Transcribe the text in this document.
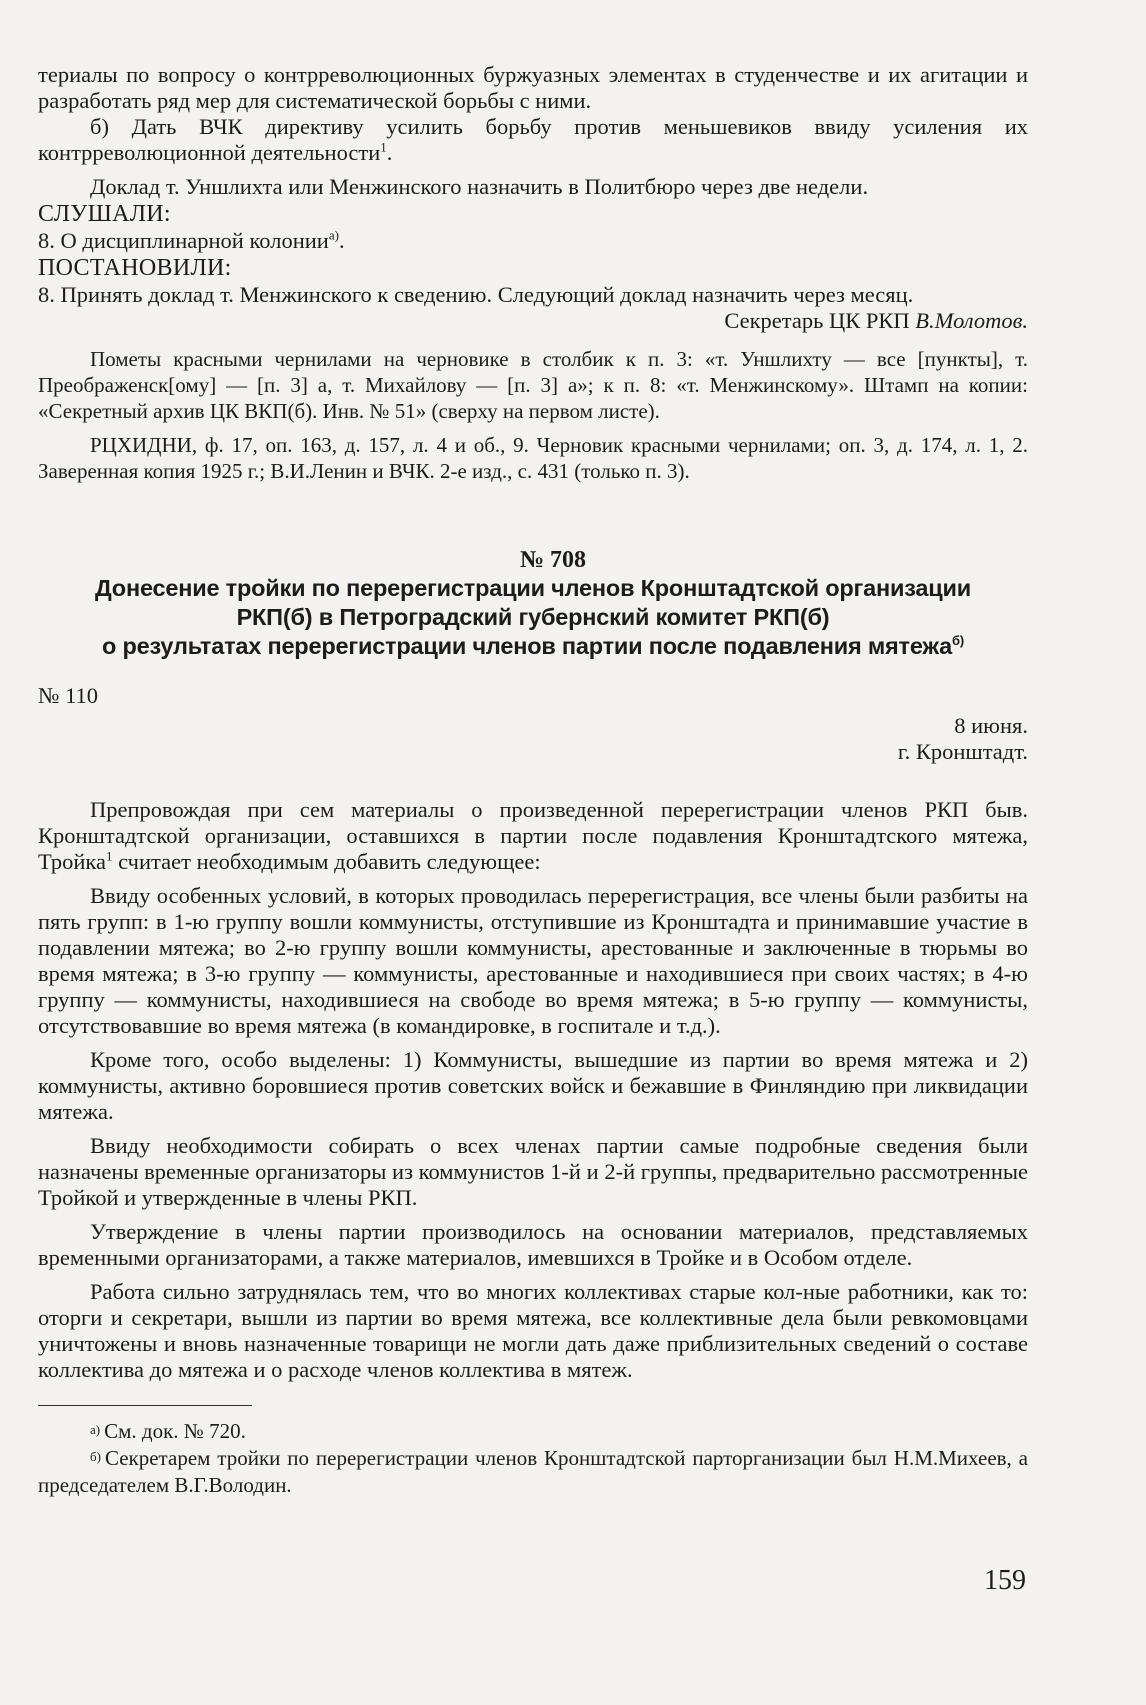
териалы по вопросу о контрреволюционных буржуазных элементах в студенчестве и их агитации и разработать ряд мер для систематической борьбы с ними.

б) Дать ВЧК директиву усилить борьбу против меньшевиков ввиду усиления их контрреволюционной деятельности$^1$.

Доклад т. Уншлихта или Менжинского назначить в Политбюро через две недели.

СЛУШАЛИ:

8. О дисциплинарной колонии$^{а)}$.

ПОСТАНОВИЛИ:

8. Принять доклад т. Менжинского к сведению. Следующий доклад назначить через месяц.

Секретарь ЦК РКП В.Молотов.

Пометы красными чернилами на черновике в столбик к п. 3: «т. Уншлихту — все [пункты], т. Преображенск[ому] — [п. 3] а, т. Михайлову — [п. 3] а»; к п. 8: «т. Менжинскому». Штамп на копии: «Секретный архив ЦК ВКП(б). Инв. № 51» (сверху на первом листе).

РЦХИДНИ, ф. 17, оп. 163, д. 157, л. 4 и об., 9. Черновик красными чернилами; оп. 3, д. 174, л. 1, 2. Заверенная копия 1925 г.; В.И.Ленин и ВЧК. 2-е изд., с. 431 (только п. 3).

№ 708
Донесение тройки по перерегистрации членов Кронштадтской организации
РКП(б) в Петроградский губернский комитет РКП(б)
о результатах перерегистрации членов партии после подавления мятежа$^{б)}$
№ 110
8 июня.
г. Кронштадт.

Препровождая при сем материалы о произведенной перерегистрации членов РКП быв. Кронштадтской организации, оставшихся в партии после подавления Кронштадтского мятежа, Тройка$^1$ считает необходимым добавить следующее:

Ввиду особенных условий, в которых проводилась перерегистрация, все члены были разбиты на пять групп: в 1-ю группу вошли коммунисты, отступившие из Кронштадта и принимавшие участие в подавлении мятежа; во 2-ю группу вошли коммунисты, арестованные и заключенные в тюрьмы во время мятежа; в 3-ю группу — коммунисты, арестованные и находившиеся при своих частях; в 4-ю группу — коммунисты, находившиеся на свободе во время мятежа; в 5-ю группу — коммунисты, отсутствовавшие во время мятежа (в командировке, в госпитале и т.д.).

Кроме того, особо выделены: 1) Коммунисты, вышедшие из партии во время мятежа и 2) коммунисты, активно боровшиеся против советских войск и бежавшие в Финляндию при ликвидации мятежа.

Ввиду необходимости собирать о всех членах партии самые подробные сведения были назначены временные организаторы из коммунистов 1-й и 2-й группы, предварительно рассмотренные Тройкой и утвержденные в члены РКП.

Утверждение в члены партии производилось на основании материалов, представляемых временными организаторами, а также материалов, имевшихся в Тройке и в Особом отделе.

Работа сильно затруднялась тем, что во многих коллективах старые кол-ные работники, как то: оторги и секретари, вышли из партии во время мятежа, все коллективные дела были ревкомовцами уничтожены и вновь назначенные товарищи не могли дать даже приблизительных сведений о составе коллектива до мятежа и о расходе членов коллектива в мятеж.

$^{а)}$ См. док. № 720.

$^{б)}$ Секретарем тройки по перерегистрации членов Кронштадтской парторганизации был Н.М.Михеев, а председателем В.Г.Володин.

159
